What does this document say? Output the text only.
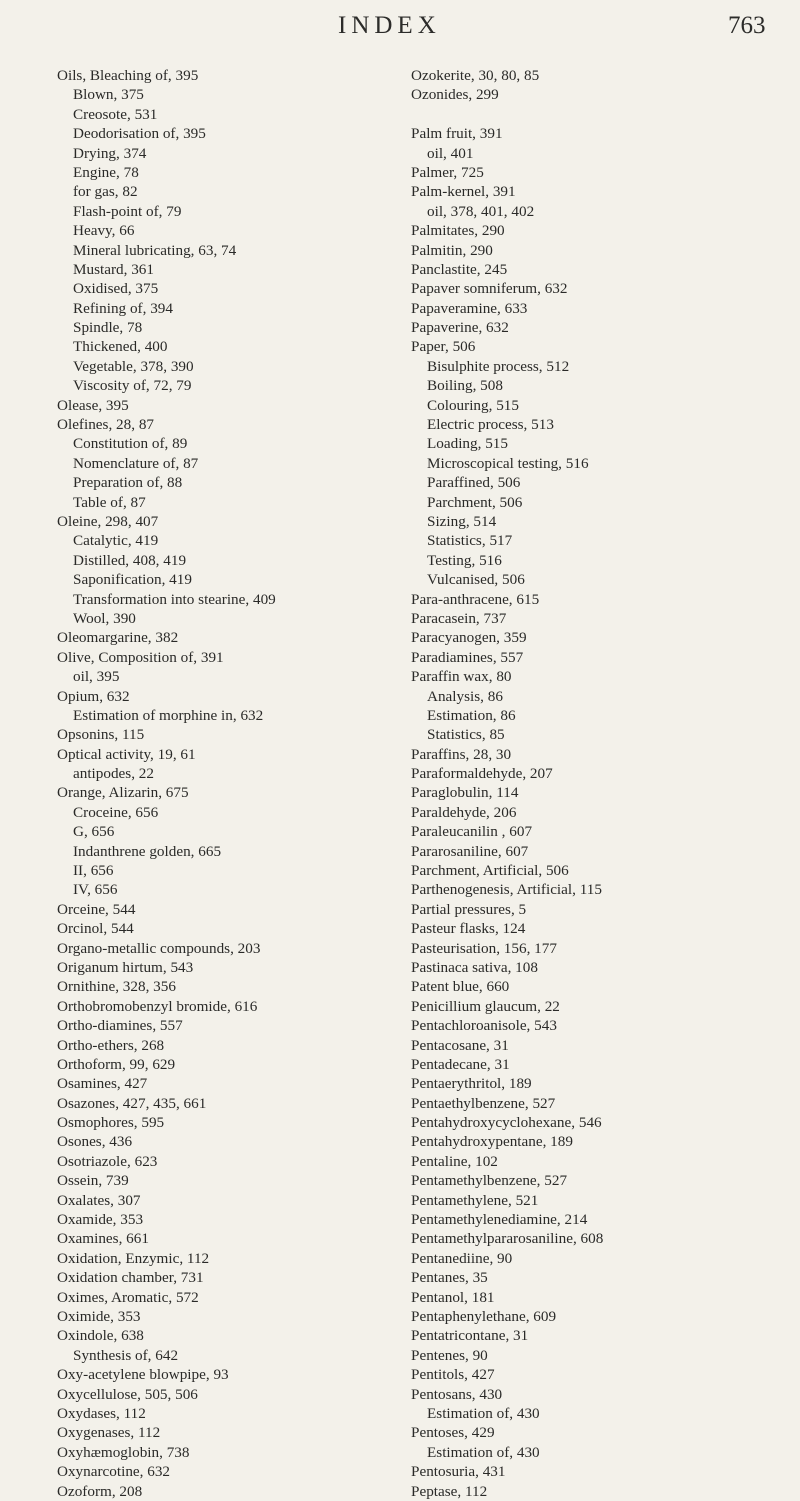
INDEX	763
Oils, Bleaching of, 395
Blown, 375
Creosote, 531
Deodorisation of, 395
Drying, 374
Engine, 78
for gas, 82
Flash-point of, 79
Heavy, 66
Mineral lubricating, 63, 74
Mustard, 361
Oxidised, 375
Refining of, 394
Spindle, 78
Thickened, 400
Vegetable, 378, 390
Viscosity of, 72, 79
Olease, 395
Olefines, 28, 87
Constitution of, 89
Nomenclature of, 87
Preparation of, 88
Table of, 87
Oleine, 298, 407
Catalytic, 419
Distilled, 408, 419
Saponification, 419
Transformation into stearine, 409
Wool, 390
Oleomargarine, 382
Olive, Composition of, 391
oil, 395
Opium, 632
Estimation of morphine in, 632
Opsonins, 115
Optical activity, 19, 61
antipodes, 22
Orange, Alizarin, 675
Croceine, 656
G, 656
Indanthrene golden, 665
II, 656
IV, 656
Orceine, 544
Orcinol, 544
Organo-metallic compounds, 203
Origanum hirtum, 543
Ornithine, 328, 356
Orthobromobenzyl bromide, 616
Ortho-diamines, 557
Ortho-ethers, 268
Orthoform, 99, 629
Osamines, 427
Osazones, 427, 435, 661
Osmophores, 595
Osones, 436
Osotriazole, 623
Ossein, 739
Oxalates, 307
Oxamide, 353
Oxamines, 661
Oxidation, Enzymic, 112
Oxidation chamber, 731
Oximes, Aromatic, 572
Oximide, 353
Oxindole, 638
Synthesis of, 642
Oxy-acetylene blowpipe, 93
Oxycellulose, 505, 506
Oxydases, 112
Oxygenases, 112
Oxyhæmoglobin, 738
Oxynarcotine, 632
Ozoform, 208
Ozokerite, 30, 80, 85
Ozonides, 299
Palm fruit, 391
oil, 401
Palmer, 725
Palm-kernel, 391
oil, 378, 401, 402
Palmitates, 290
Palmitin, 290
Panclastite, 245
Papaver somniferum, 632
Papaveramine, 633
Papaverine, 632
Paper, 506
Bisulphite process, 512
Boiling, 508
Colouring, 515
Electric process, 513
Loading, 515
Microscopical testing, 516
Paraffined, 506
Parchment, 506
Sizing, 514
Statistics, 517
Testing, 516
Vulcanised, 506
Para-anthracene, 615
Paracasein, 737
Paracyanogen, 359
Paradiamines, 557
Paraffin wax, 80
Analysis, 86
Estimation, 86
Statistics, 85
Paraffins, 28, 30
Paraformaldehyde, 207
Paraglobulin, 114
Paraldehyde, 206
Paraleucanilin , 607
Pararosaniline, 607
Parchment, Artificial, 506
Parthenogenesis, Artificial, 115
Partial pressures, 5
Pasteur flasks, 124
Pasteurisation, 156, 177
Pastinaca sativa, 108
Patent blue, 660
Penicillium glaucum, 22
Pentachloroanisole, 543
Pentacosane, 31
Pentadecane, 31
Pentaerythritol, 189
Pentaethylbenzene, 527
Pentahydroxycyclohexane, 546
Pentahydroxypentane, 189
Pentaline, 102
Pentamethylbenzene, 527
Pentamethylene, 521
Pentamethylenediamine, 214
Pentamethylpararosaniline, 608
Pentanediine, 90
Pentanes, 35
Pentanol, 181
Pentaphenylethane, 609
Pentatricontane, 31
Pentenes, 90
Pentitols, 427
Pentosans, 430
Estimation of, 430
Pentoses, 429
Estimation of, 430
Pentosuria, 431
Peptase, 112
